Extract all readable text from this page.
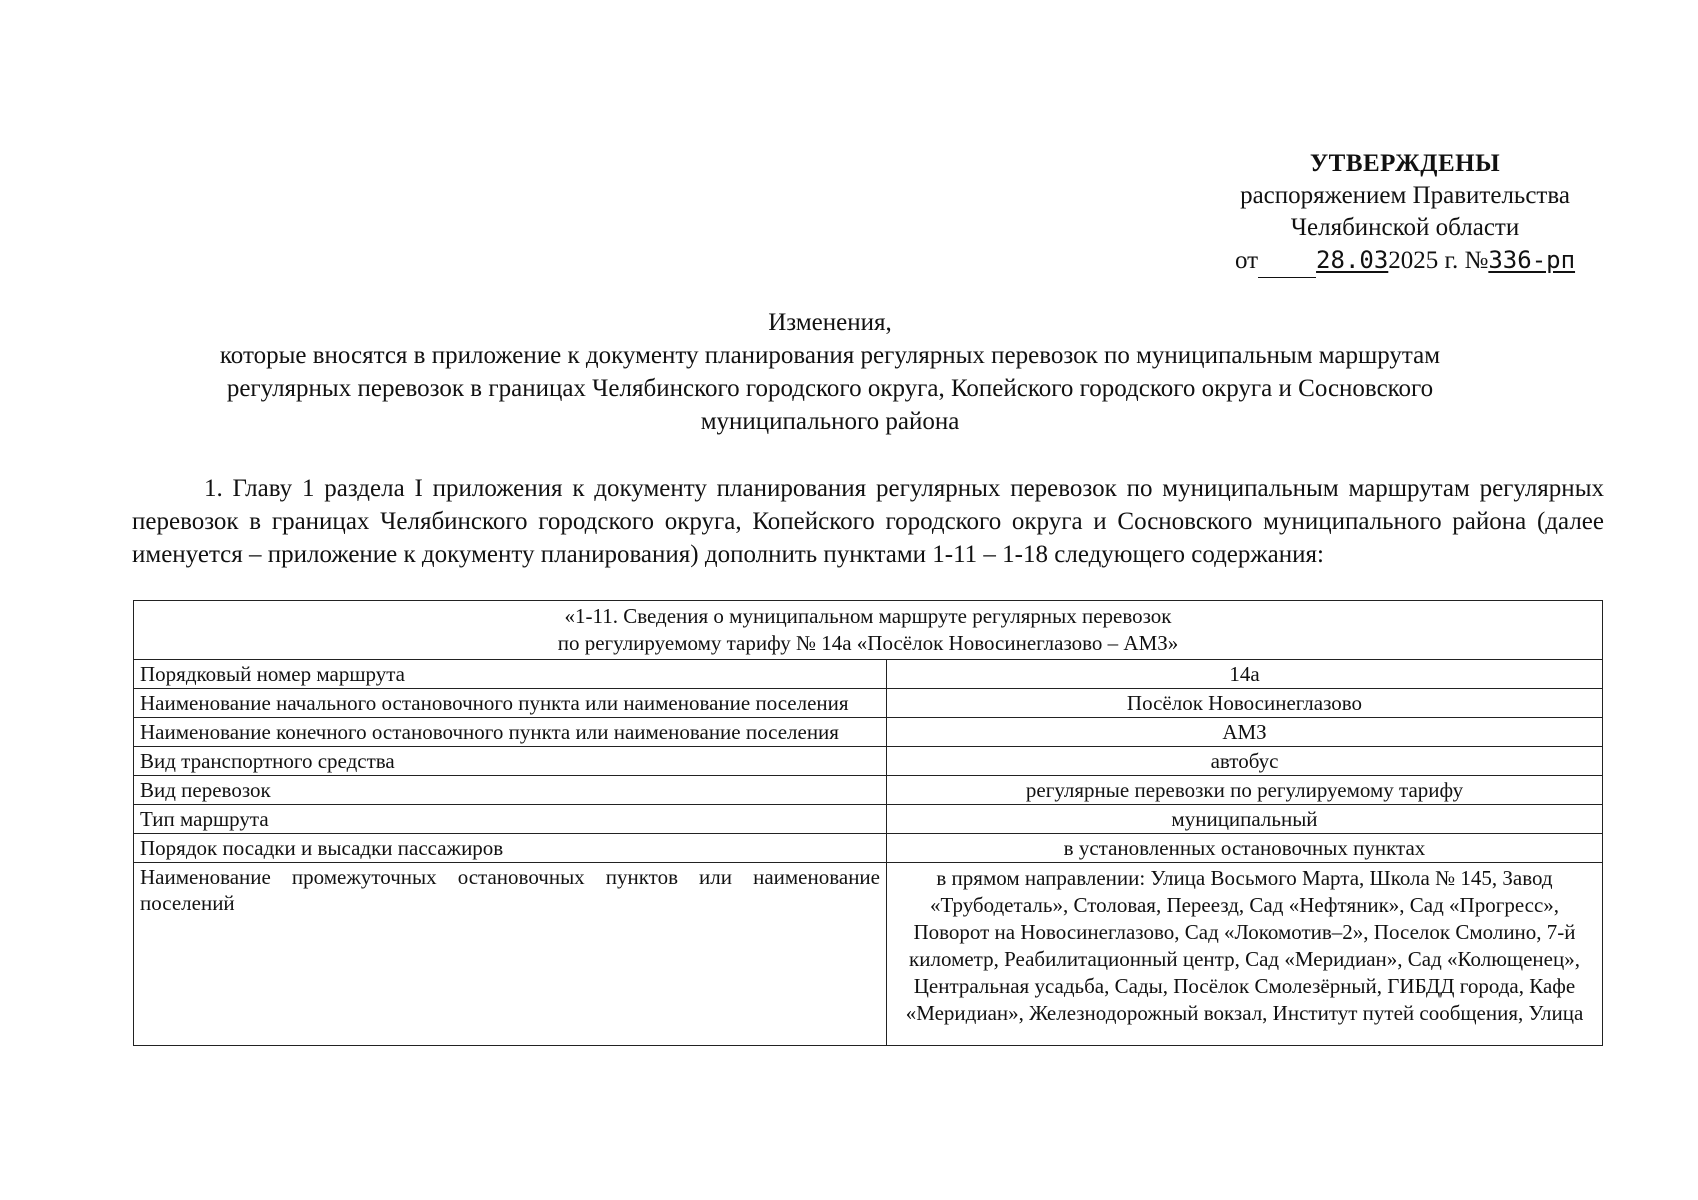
УТВЕРЖДЕНЫ
распоряжением Правительства
Челябинской области
от 28.032025 г. №336-рп
Изменения,
которые вносятся в приложение к документу планирования регулярных перевозок по муниципальным маршрутам
регулярных перевозок в границах Челябинского городского округа, Копейского городского округа и Сосновского
муниципального района
1. Главу 1 раздела I приложения к документу планирования регулярных перевозок по муниципальным маршрутам регулярных перевозок в границах Челябинского городского округа, Копейского городского округа и Сосновского муниципального района (далее именуется – приложение к документу планирования) дополнить пунктами 1-11 – 1-18 следующего содержания:
«1-11. Сведения о муниципальном маршруте регулярных перевозок
по регулируемому тарифу № 14а «Посёлок Новосинеглазово – АМЗ»	

Порядковый номер маршрута	14а
Наименование начального остановочного пункта или наименование поселения	Посёлок Новосинеглазово
Наименование конечного остановочного пункта или наименование поселения	АМЗ
Вид транспортного средства	автобус
Вид перевозок	регулярные перевозки по регулируемому тарифу
Тип маршрута	муниципальный
Порядок посадки и высадки пассажиров	в установленных остановочных пунктах
Наименование промежуточных остановочных пунктов или наименование поселений	в прямом направлении: Улица Восьмого Марта, Школа № 145, Завод «Трубодеталь», Столовая, Переезд, Сад «Нефтяник», Сад «Прогресс», Поворот на Новосинеглазово, Сад «Локомотив–2», Поселок Смолино, 7-й километр, Реабилитационный центр, Сад «Меридиан», Сад «Колющенец», Центральная усадьба, Сады, Посёлок Смолезёрный, ГИБДД города, Кафе «Меридиан», Железнодорожный вокзал, Институт путей сообщения, Улица
